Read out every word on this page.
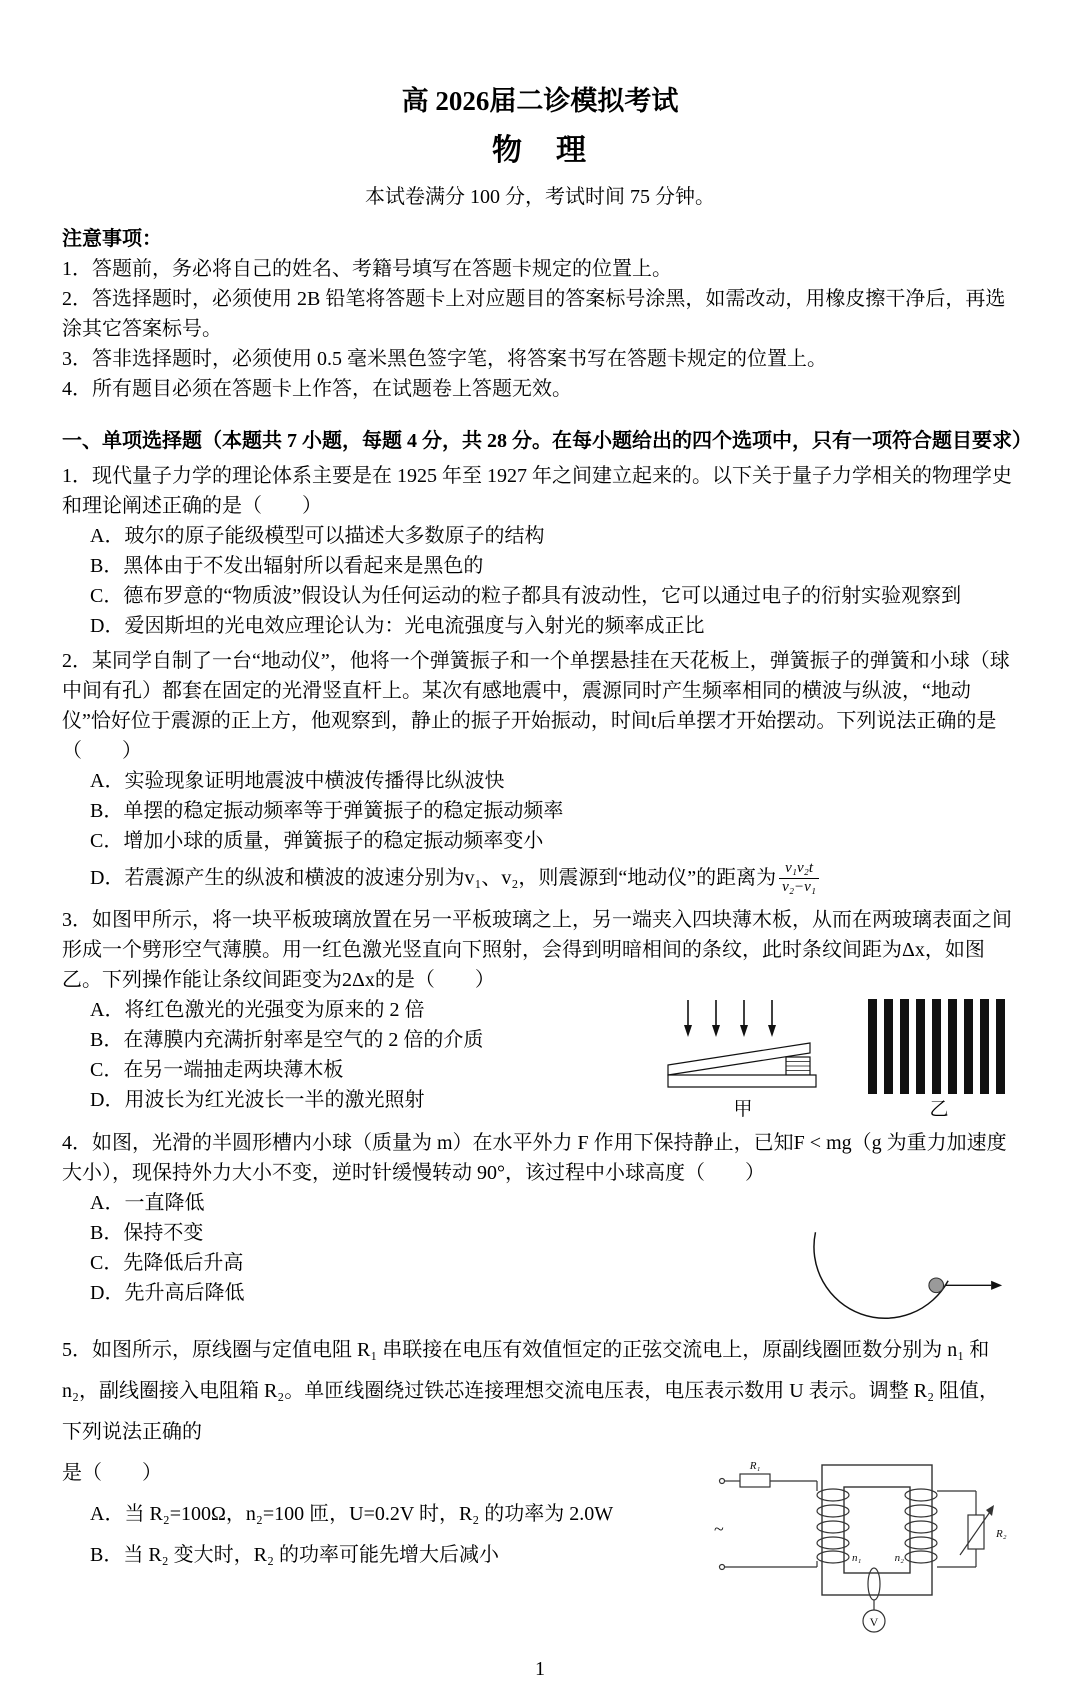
高 2026届二诊模拟考试
物　理

本试卷满分 100 分，考试时间 75 分钟。

注意事项：

1．答题前，务必将自己的姓名、考籍号填写在答题卡规定的位置上。

2．答选择题时，必须使用 2B 铅笔将答题卡上对应题目的答案标号涂黑，如需改动，用橡皮擦干净后，再选涂其它答案标号。

3．答非选择题时，必须使用 0.5 毫米黑色签字笔，将答案书写在答题卡规定的位置上。

4．所有题目必须在答题卡上作答，在试题卷上答题无效。

一、单项选择题（本题共 7 小题，每题 4 分，共 28 分。在每小题给出的四个选项中，只有一项符合题目要求）

1．现代量子力学的理论体系主要是在 1925 年至 1927 年之间建立起来的。以下关于量子力学相关的物理学史和理论阐述正确的是（　　）

A．玻尔的原子能级模型可以描述大多数原子的结构

B．黑体由于不发出辐射所以看起来是黑色的

C．德布罗意的“物质波”假设认为任何运动的粒子都具有波动性，它可以通过电子的衍射实验观察到

D．爱因斯坦的光电效应理论认为：光电流强度与入射光的频率成正比

2．某同学自制了一台“地动仪”，他将一个弹簧振子和一个单摆悬挂在天花板上，弹簧振子的弹簧和小球（球中间有孔）都套在固定的光滑竖直杆上。某次有感地震中，震源同时产生频率相同的横波与纵波，“地动仪”恰好位于震源的正上方，他观察到，静止的振子开始振动，时间t后单摆才开始摆动。下列说法正确的是（　　）

A．实验现象证明地震波中横波传播得比纵波快

B．单摆的稳定振动频率等于弹簧振子的稳定振动频率

C．增加小球的质量，弹簧振子的稳定振动频率变小

D．若震源产生的纵波和横波的波速分别为v₁、v₂，则震源到“地动仪”的距离为 $\frac{\text{v₁v₂t}}{\text{v₂−v₁}}$

3．如图甲所示，将一块平板玻璃放置在另一平板玻璃之上，另一端夹入四块薄木板，从而在两玻璃表面之间形成一个劈形空气薄膜。用一红色激光竖直向下照射，会得到明暗相间的条纹，此时条纹间距为Δx，如图乙。下列操作能让条纹间距变为2Δx的是（　　）

甲	乙

A．将红色激光的光强变为原来的 2 倍

B．在薄膜内充满折射率是空气的 2 倍的介质

C．在另一端抽走两块薄木板

D．用波长为红光波长一半的激光照射

4．如图，光滑的半圆形槽内小球（质量为 m）在水平外力 F 作用下保持静止，已知F < mg（g 为重力加速度大小），现保持外力大小不变，逆时针缓慢转动 90°，该过程中小球高度（　　）

A．一直降低

B．保持不变

C．先降低后升高

D．先升高后降低

5．如图所示，原线圈与定值电阻 R₁ 串联接在电压有效值恒定的正弦交流电上，原副线圈匝数分别为 n₁ 和 n₂，副线圈接入电阻箱 R₂。单匝线圈绕过铁芯连接理想交流电压表，电压表示数用 U 表示。调整 R₂ 阻值，下列说法正确的

~
R₁
n₁	n₂
R₂
V

是（　　）

A．当 R₂=100Ω，n₂=100 匝，U=0.2V 时，R₂ 的功率为 2.0W

B．当 R₂ 变大时，R₂ 的功率可能先增大后减小

1
